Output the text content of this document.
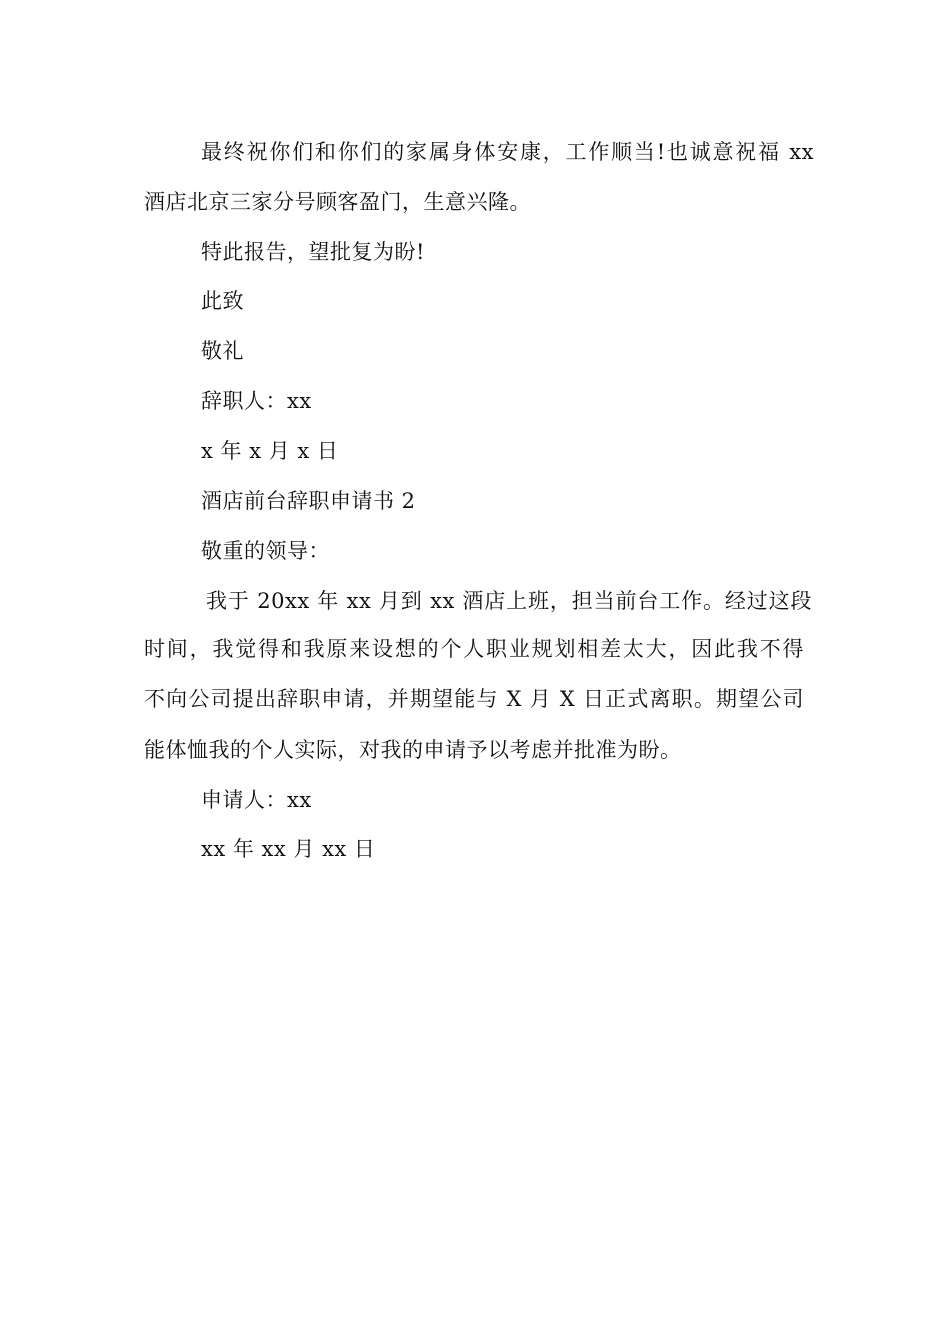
最终祝你们和你们的家属身体安康，工作顺当!也诚意祝福 xx

酒店北京三家分号顾客盈门，生意兴隆。

特此报告，望批复为盼!

此致

敬礼

辞职人：xx

x 年 x 月 x 日

酒店前台辞职申请书 2

敬重的领导：

我于 20xx 年 xx 月到 xx 酒店上班，担当前台工作。经过这段

时间，我觉得和我原来设想的个人职业规划相差太大，因此我不得

不向公司提出辞职申请，并期望能与 X 月 X 日正式离职。期望公司

能体恤我的个人实际，对我的申请予以考虑并批准为盼。

申请人：xx

xx 年 xx 月 xx 日
